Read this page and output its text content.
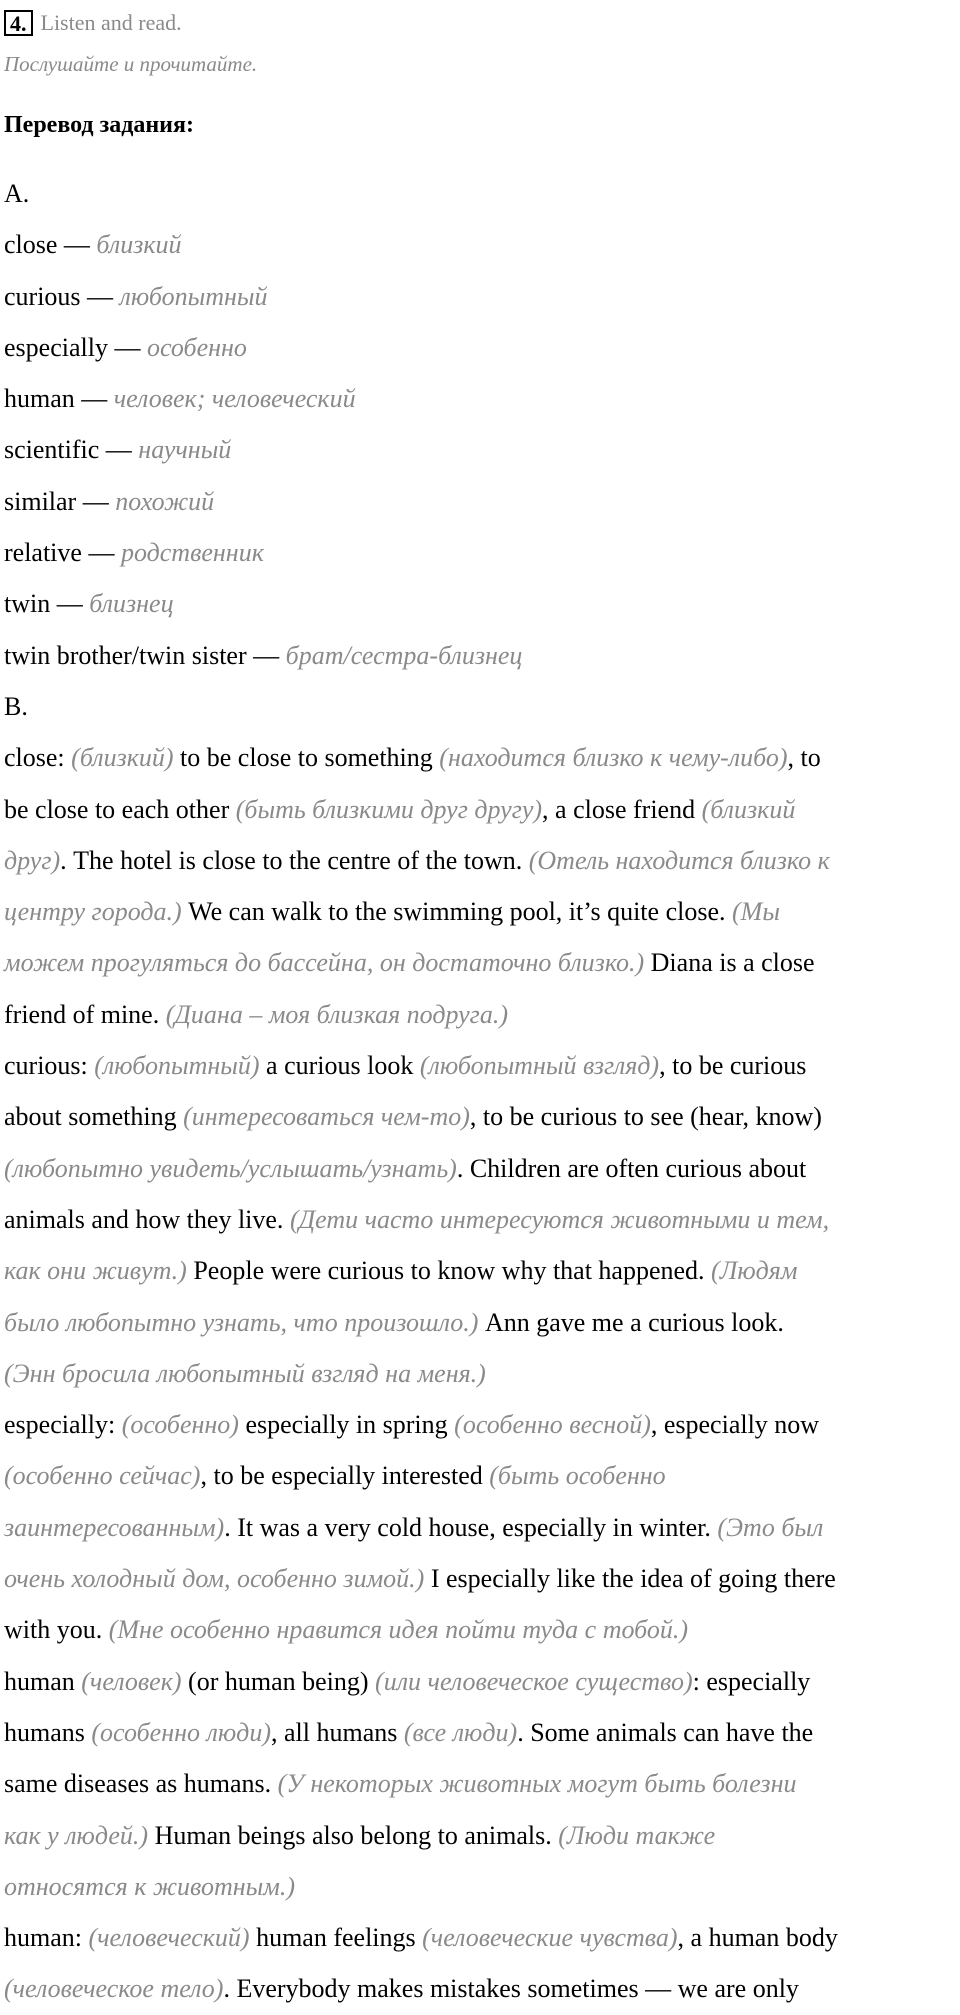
4. Listen and read.
Послушайте и прочитайте.
Перевод задания:
A.
close — близкий
curious — любопытный
especially — особенно
human — человек; человеческий
scientific — научный
similar — похожий
relative — родственник
twin — близнец
twin brother/twin sister — брат/сестра-близнец
B.
close: (близкий) to be close to something (находится близко к чему-либо), to
be close to each other (быть близкими друг другу), a close friend (близкий
друг). The hotel is close to the centre of the town. (Отель находится близко к
центру города.) We can walk to the swimming pool, it’s quite close. (Мы
можем прогуляться до бассейна, он достаточно близко.) Diana is a close
friend of mine. (Диана – моя близкая подруга.)
curious: (любопытный) a curious look (любопытный взгляд), to be curious
about something (интересоваться чем-то), to be curious to see (hear, know)
(любопытно увидеть/услышать/узнать). Children are often curious about
animals and how they live. (Дети часто интересуются животными и тем,
как они живут.) People were curious to know why that happened. (Людям
было любопытно узнать, что произошло.) Ann gave me a curious look.
(Энн бросила любопытный взгляд на меня.)
especially: (особенно) especially in spring (особенно весной), especially now
(особенно сейчас), to be especially interested (быть особенно
заинтересованным). It was a very cold house, especially in winter. (Это был
очень холодный дом, особенно зимой.) I especially like the idea of going there
with you. (Мне особенно нравится идея пойти туда с тобой.)
human (человек) (or human being) (или человеческое существо): especially
humans (особенно люди), all humans (все люди). Some animals can have the
same diseases as humans. (У некоторых животных могут быть болезни
как у людей.) Human beings also belong to animals. (Люди также
относятся к животным.)
human: (человеческий) human feelings (человеческие чувства), a human body
(человеческое тело). Everybody makes mistakes sometimes — we are only
